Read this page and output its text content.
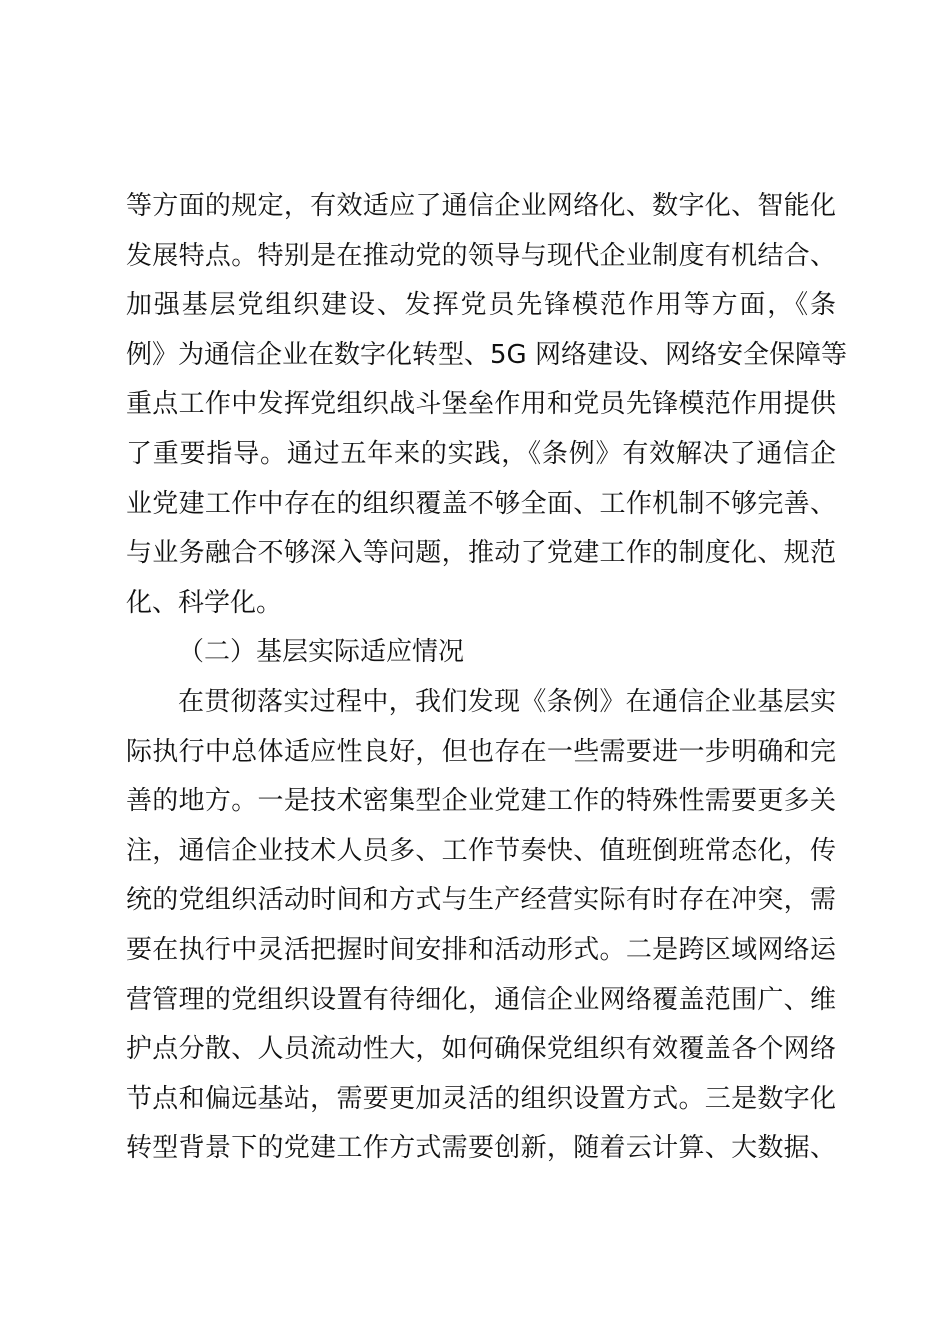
等方面的规定，有效适应了通信企业网络化、数字化、智能化
发展特点。特别是在推动党的领导与现代企业制度有机结合、
加强基层党组织建设、发挥党员先锋模范作用等方面，《条
例》为通信企业在数字化转型、5G 网络建设、网络安全保障等
重点工作中发挥党组织战斗堡垒作用和党员先锋模范作用提供
了重要指导。通过五年来的实践，《条例》有效解决了通信企
业党建工作中存在的组织覆盖不够全面、工作机制不够完善、
与业务融合不够深入等问题，推动了党建工作的制度化、规范
化、科学化。
（二）基层实际适应情况
在贯彻落实过程中，我们发现《条例》在通信企业基层实
际执行中总体适应性良好，但也存在一些需要进一步明确和完
善的地方。一是技术密集型企业党建工作的特殊性需要更多关
注，通信企业技术人员多、工作节奏快、值班倒班常态化，传
统的党组织活动时间和方式与生产经营实际有时存在冲突，需
要在执行中灵活把握时间安排和活动形式。二是跨区域网络运
营管理的党组织设置有待细化，通信企业网络覆盖范围广、维
护点分散、人员流动性大，如何确保党组织有效覆盖各个网络
节点和偏远基站，需要更加灵活的组织设置方式。三是数字化
转型背景下的党建工作方式需要创新，随着云计算、大数据、
